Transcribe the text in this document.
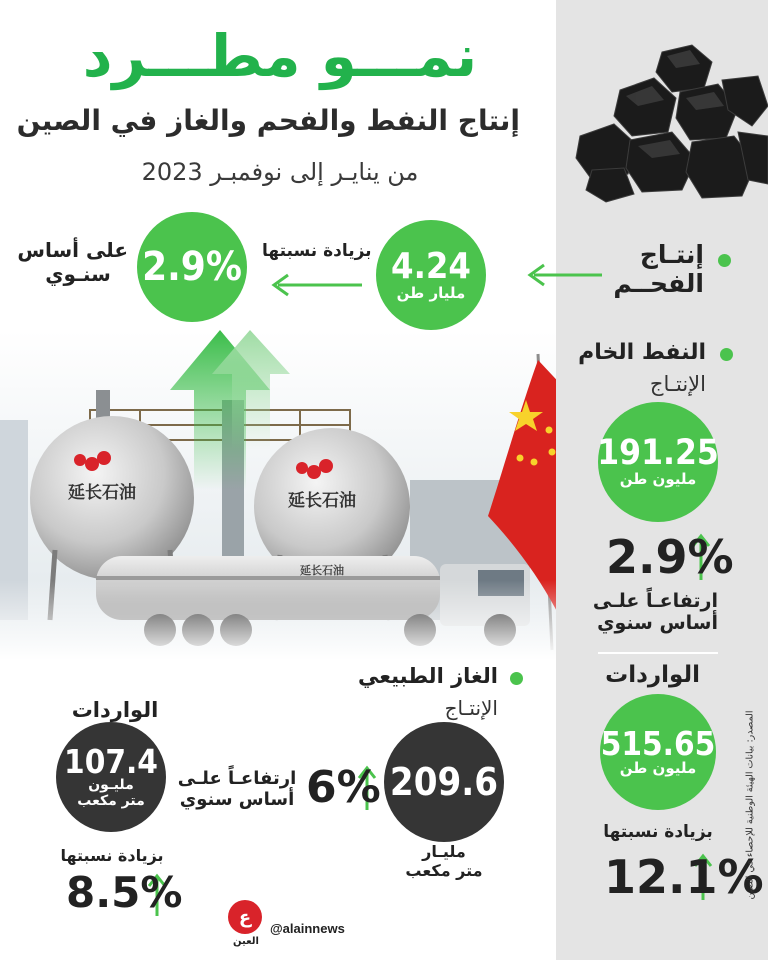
نمـــو مطـــرد
إنتاج النفط والفحم والغاز في الصين
من ينايـر إلى نوفمبـر 2023
إنتـاج
الفحــم
4.24
مليار طن
بزيادة نسبتها
2.9%
على أساس
سنـوي
延长石油	延长石油
延长石油
النفط الخام
الإنتـاج
191.25
مليون طن
2.9%
ارتفاعـاً علـى
أساس سنوي
الواردات
515.65
مليون طن
بزيادة نسبتها
12.1%
المصدر: بيانات الهيئة الوطنية للإحصاء في الصين
الغاز الطبيعي
الإنتـاج
209.6
مليـار
متر مكعب
6%
ارتفاعـاً علـى
أساس سنوي
الواردات
107.4
مليـون
متر مكعب
بزيادة نسبتها
8.5%	ع
العين
@alainnews
